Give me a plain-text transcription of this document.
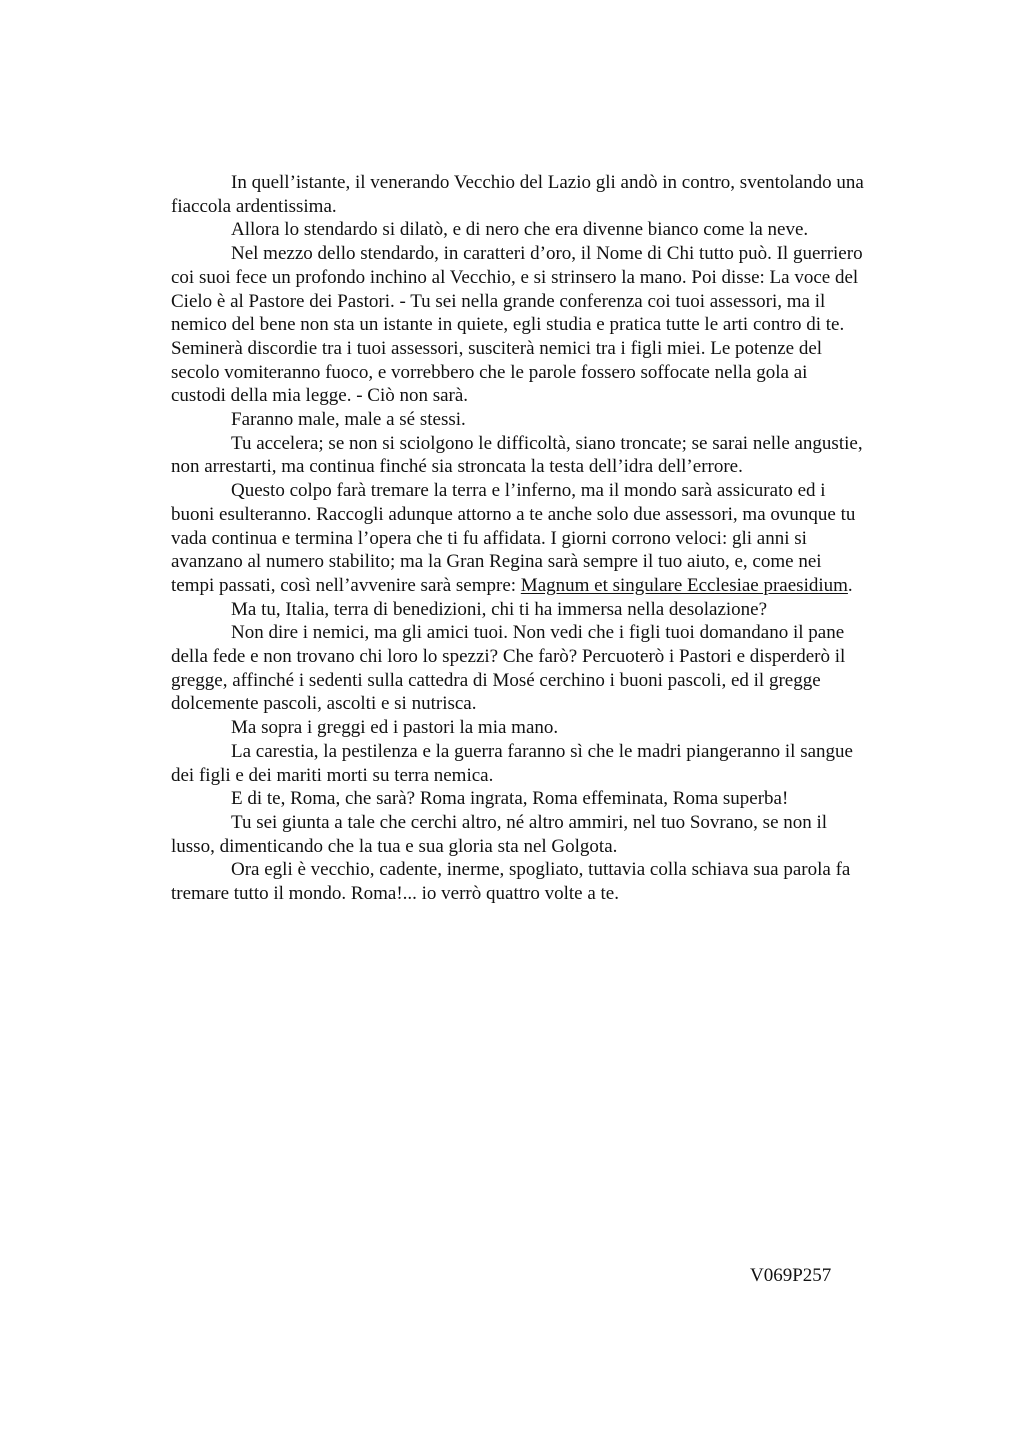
In quell’istante, il venerando Vecchio del Lazio gli andò in contro, sventolando una
fiaccola ardentissima.

Allora lo stendardo si dilatò, e di nero che era divenne bianco come la neve.

Nel mezzo dello stendardo, in caratteri d’oro, il Nome di Chi tutto può. Il guerriero
coi suoi fece un profondo inchino al Vecchio, e si strinsero la mano. Poi disse: La voce del
Cielo è al Pastore dei Pastori. - Tu sei nella grande conferenza coi tuoi assessori, ma il
nemico del bene non sta un istante in quiete, egli studia e pratica tutte le arti contro di te.
Seminerà discordie tra i tuoi assessori, susciterà nemici tra i figli miei. Le potenze del
secolo vomiteranno fuoco, e vorrebbero che le parole fossero soffocate nella gola ai
custodi della mia legge. - Ciò non sarà.

Faranno male, male a sé stessi.

Tu accelera; se non si sciolgono le difficoltà, siano troncate; se sarai nelle angustie,
non arrestarti, ma continua finché sia stroncata la testa dell’idra dell’errore.

Questo colpo farà tremare la terra e l’inferno, ma il mondo sarà assicurato ed i
buoni esulteranno. Raccogli adunque attorno a te anche solo due assessori, ma ovunque tu
vada continua e termina l’opera che ti fu affidata. I giorni corrono veloci: gli anni si
avanzano al numero stabilito; ma la Gran Regina sarà sempre il tuo aiuto, e, come nei
tempi passati, così nell’avvenire sarà sempre: Magnum et singulare Ecclesiae praesidium.

Ma tu, Italia, terra di benedizioni, chi ti ha immersa nella desolazione?

Non dire i nemici, ma gli amici tuoi. Non vedi che i figli tuoi domandano il pane
della fede e non trovano chi loro lo spezzi? Che farò? Percuoterò i Pastori e disperderò il
gregge, affinché i sedenti sulla cattedra di Mosé cerchino i buoni pascoli, ed il gregge
dolcemente pascoli, ascolti e si nutrisca.

Ma sopra i greggi ed i pastori la mia mano.

La carestia, la pestilenza e la guerra faranno sì che le madri piangeranno il sangue
dei figli e dei mariti morti su terra nemica.

E di te, Roma, che sarà? Roma ingrata, Roma effeminata, Roma superba!

Tu sei giunta a tale che cerchi altro, né altro ammiri, nel tuo Sovrano, se non il
lusso, dimenticando che la tua e sua gloria sta nel Golgota.

Ora egli è vecchio, cadente, inerme, spogliato, tuttavia colla schiava sua parola fa
tremare tutto il mondo. Roma!... io verrò quattro volte a te.

V069P257
